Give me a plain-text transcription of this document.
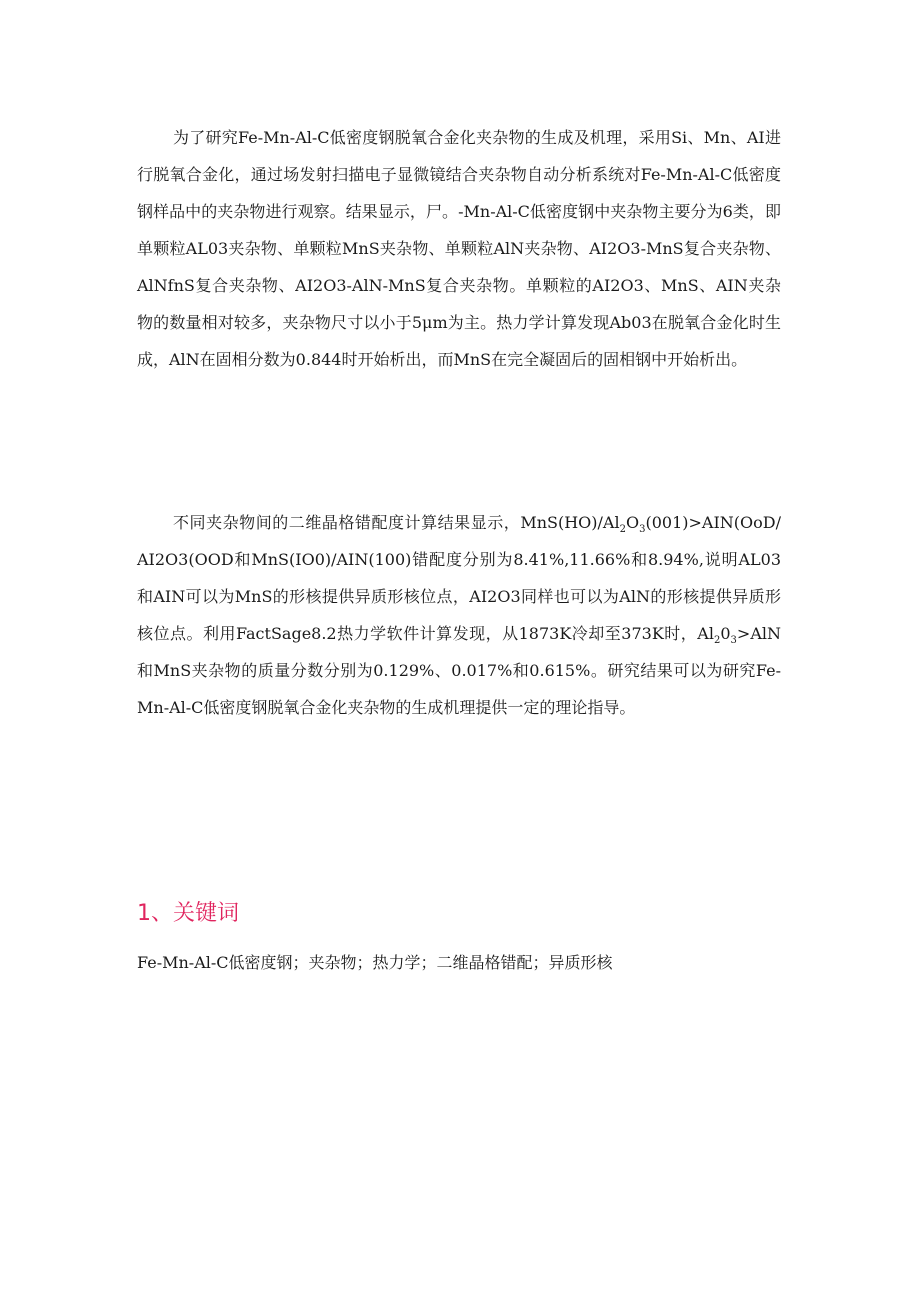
为了研究Fe-Mn-Al-C低密度钢脱氧合金化夹杂物的生成及机理，采用Si、Mn、AI进行脱氧合金化，通过场发射扫描电子显微镜结合夹杂物自动分析系统对Fe-Mn-Al-C低密度钢样品中的夹杂物进行观察。结果显示，尸。-Mn-Al-C低密度钢中夹杂物主要分为6类，即单颗粒AL03夹杂物、单颗粒MnS夹杂物、单颗粒AlN夹杂物、AI2O3-MnS复合夹杂物、AlNfnS复合夹杂物、AI2O3-AlN-MnS复合夹杂物。单颗粒的AI2O3、MnS、AIN夹杂物的数量相对较多，夹杂物尺寸以小于5μm为主。热力学计算发现Ab03在脱氧合金化时生成，AlN在固相分数为0.844时开始析出，而MnS在完全凝固后的固相钢中开始析出。

不同夹杂物间的二维晶格错配度计算结果显示，$MnS(HO)/Al_2O_3(001)>AIN(OoD∕AI2O3(OOD$和MnS(IO0)/AIN(100)错配度分别为8.41%,11.66%和8.94%,说明AL03和AIN可以为MnS的形核提供异质形核位点，AI2O3同样也可以为AlN的形核提供异质形核位点。利用FactSage8.2热力学软件计算发现，从1873K冷却至373K时，$Al_20_3>AlN$和MnS夹杂物的质量分数分别为0.129%、0.017%和0.615%。研究结果可以为研究Fe-Mn-Al-C低密度钢脱氧合金化夹杂物的生成机理提供一定的理论指导。

1、关键词

Fe-Mn-Al-C低密度钢；夹杂物；热力学；二维晶格错配；异质形核
